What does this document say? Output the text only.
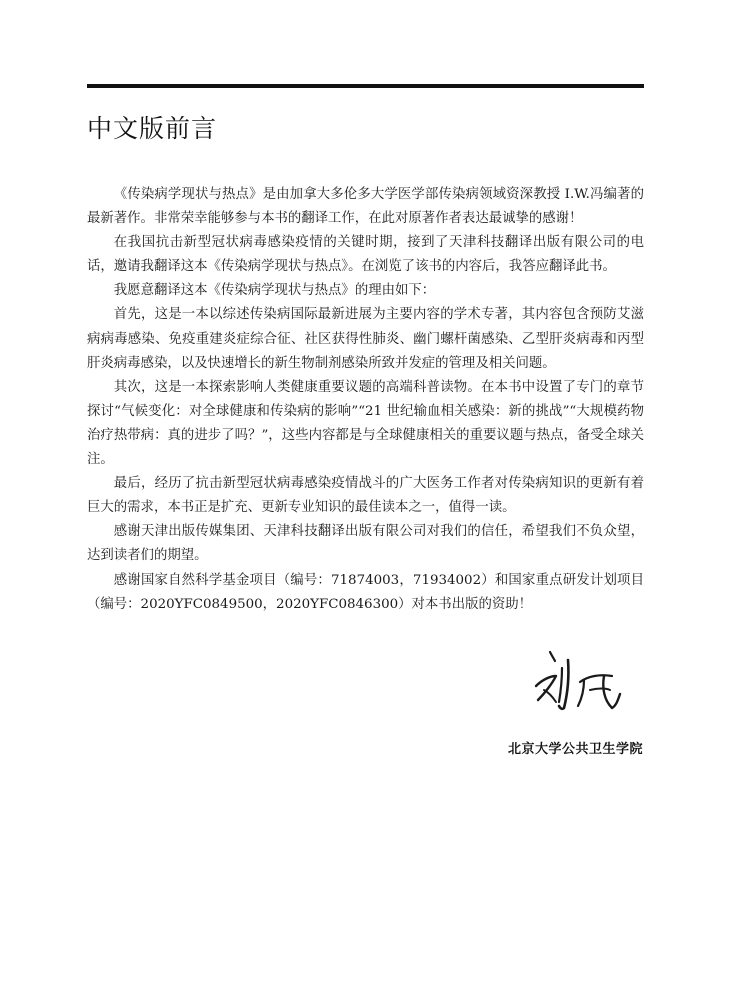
中文版前言

《传染病学现状与热点》是由加拿大多伦多大学医学部传染病领域资深教授 I.W.冯编著的最新著作。非常荣幸能够参与本书的翻译工作，在此对原著作者表达最诚挚的感谢！

在我国抗击新型冠状病毒感染疫情的关键时期，接到了天津科技翻译出版有限公司的电话，邀请我翻译这本《传染病学现状与热点》。在浏览了该书的内容后，我答应翻译此书。

我愿意翻译这本《传染病学现状与热点》的理由如下：

首先，这是一本以综述传染病国际最新进展为主要内容的学术专著，其内容包含预防艾滋病病毒感染、免疫重建炎症综合征、社区获得性肺炎、幽门螺杆菌感染、乙型肝炎病毒和丙型肝炎病毒感染，以及快速增长的新生物制剂感染所致并发症的管理及相关问题。

其次，这是一本探索影响人类健康重要议题的高端科普读物。在本书中设置了专门的章节探讨“气候变化：对全球健康和传染病的影响”“21 世纪输血相关感染：新的挑战”“大规模药物治疗热带病：真的进步了吗？”，这些内容都是与全球健康相关的重要议题与热点，备受全球关注。

最后，经历了抗击新型冠状病毒感染疫情战斗的广大医务工作者对传染病知识的更新有着巨大的需求，本书正是扩充、更新专业知识的最佳读本之一，值得一读。

感谢天津出版传媒集团、天津科技翻译出版有限公司对我们的信任，希望我们不负众望，达到读者们的期望。

感谢国家自然科学基金项目（编号：71874003，71934002）和国家重点研发计划项目（编号：2020YFC0849500，2020YFC0846300）对本书出版的资助！

北京大学公共卫生学院
